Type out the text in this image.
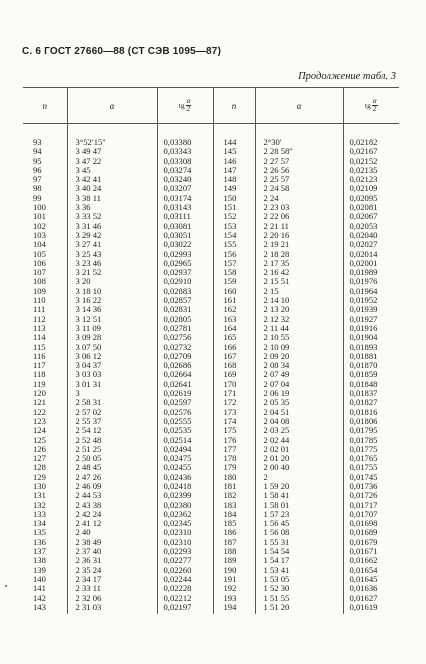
С. 6 ГОСТ 27660—88 (СТ СЭВ 1095—87)
Продолжение табл. 3
n	α	tg $\frac{\alpha}{2}$	n	α	tg $\frac{\alpha}{2}$

93	3°52′15″	0,03380	144	2°30′	0,02182
94	3 49 47	0,03343	145	2 28 58″	0,02167
95	3 47 22	0,03308	146	2 27 57	0,02152
96	3 45	0,03274	147	2 26 56	0,02135
97	3 42 41	0,03240	148	2 25 57	0,02123
98	3 40 24	0,03207	149	2 24 58	0,02109
99	3 38 11	0,03174	150	2 24	0,02095
100	3 36	0,03143	151	2 23 03	0,02081
101	3 33 52	0,03111	152	2 22 06	0,02067
102	3 31 46	0,03081	153	2 21 11	0,02053
103	3 29 42	0,03051	154	2 20 16	0,02040
104	3 27 41	0,03022	155	2 19 21	0,02027
105	3 25 43	0,02993	156	2 18 28	0,02014
106	3 23 46	0,02965	157	2 17 35	0,02001
107	3 21 52	0,02937	158	2 16 42	0,01989
108	3 20	0,02910	159	2 15 51	0,01976
109	3 18 10	0,02883	160	2 15	0,01964
110	3 16 22	0,02857	161	2 14 10	0,01952
111	3 14 36	0,02831	162	2 13 20	0,01939
112	3 12 51	0,02805	163	2 12 32	0,01927
113	3 11 09	0,02781	164	2 11 44	0,01916
114	3 09 28	0,02756	165	2 10 55	0,01904
115	3 07 50	0,02732	166	2 10 09	0,01893
116	3 06 12	0,02709	167	2 09 20	0,01881
117	3 04 37	0,02686	168	2 08 34	0,01870
118	3 03 03	0,02664	169	2 07 49	0,01859
119	3 01 31	0,02641	170	2 07 04	0,01848
120	3	0,02619	171	2 06 19	0,01837
121	2 58 31	0,02597	172	2 05 35	0,01827
122	2 57 02	0,02576	173	2 04 51	0,01816
123	2 55 37	0,02555	174	2 04 08	0,01806
124	2 54 12	0,02535	175	2 03 25	0,01795
125	2 52 48	0,02514	176	2 02 44	0,01785
126	2 51 25	0,02494	177	2 02 01	0,01775
127	2 50 05	0,02475	178	2 01 20	0,01765
128	2 48 45	0,02455	179	2 00 40	0,01755
129	2 47 26	0,02436	180	2	0,01745
130	2 46 09	0,02418	181	1 59 20	0,01736
131	2 44 53	0,02399	182	1 58 41	0,01726
132	2 43 38	0,02380	183	1 58 01	0,01717
133	2 42 24	0,02362	184	1 57 23	0,01707
134	2 41 12	0,02345	185	1 56 45	0,01698
135	2 40	0,02310	186	1 56 08	0,01689
136	2 38 49	0,02310	187	1 55 31	0,01679
137	2 37 40	0,02293	188	1 54 54	0,01671
138	2 36 31	0,02277	189	1 54 17	0,01662
139	2 35 24	0,02260	190	1 53 41	0,01654
140	2 34 17	0,02244	191	1 53 05	0,01645
141	2 33 11	0,02228	192	1 52 30	0,01636
142	2 32 06	0,02212	193	1 51 55	0,01627
143	2 31 03	0,02197	194	1 51 20	0,01619
